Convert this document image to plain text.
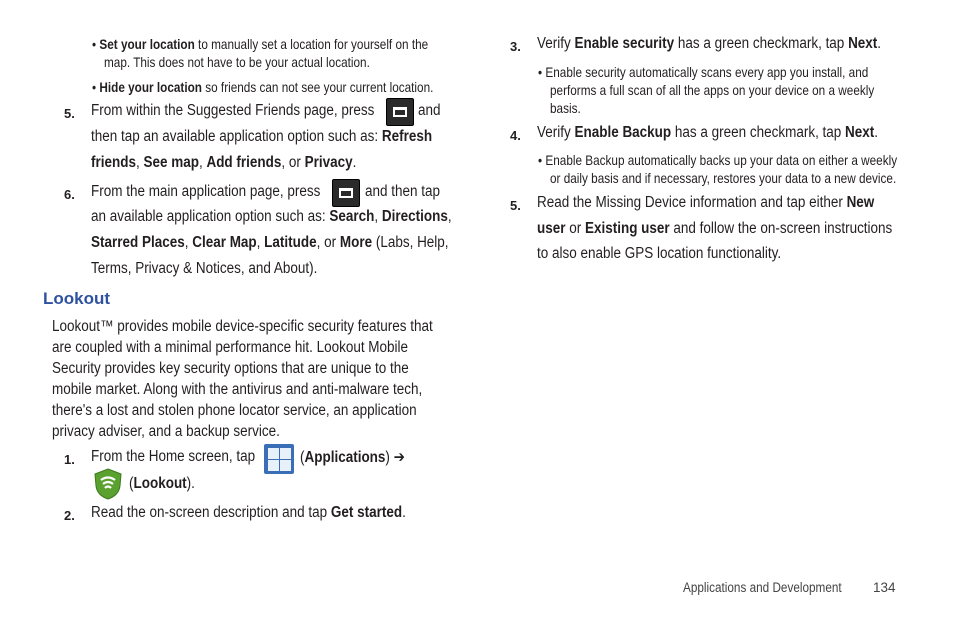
• Set your location to manually set a location for yourself on the
map. This does not have to be your actual location.
• Hide your location so friends can not see your current location.
5. From within the Suggested Friends page, press	and
then tap an available application option such as: Refresh
friends, See map, Add friends, or Privacy.
6. From the main application page, press	and then tap
an available application option such as: Search, Directions,
Starred Places, Clear Map, Latitude, or More (Labs, Help,
Terms, Privacy & Notices, and About).
Lookout
Lookout™ provides mobile device-specific security features that
are coupled with a minimal performance hit. Lookout Mobile
Security provides key security options that are unique to the
mobile market. Along with the antivirus and anti-malware tech,
there's a lost and stolen phone locator service, an application
privacy adviser, and a backup service.
1. From the Home screen, tap	(Applications) ➔
(Lookout).
2. Read the on-screen description and tap Get started.
3. Verify Enable security has a green checkmark, tap Next.
• Enable security automatically scans every app you install, and
performs a full scan of all the apps on your device on a weekly
basis.
4. Verify Enable Backup has a green checkmark, tap Next.
• Enable Backup automatically backs up your data on either a weekly
or daily basis and if necessary, restores your data to a new device.
5. Read the Missing Device information and tap either New
user or Existing user and follow the on-screen instructions
to also enable GPS location functionality.
Applications and Development	134
